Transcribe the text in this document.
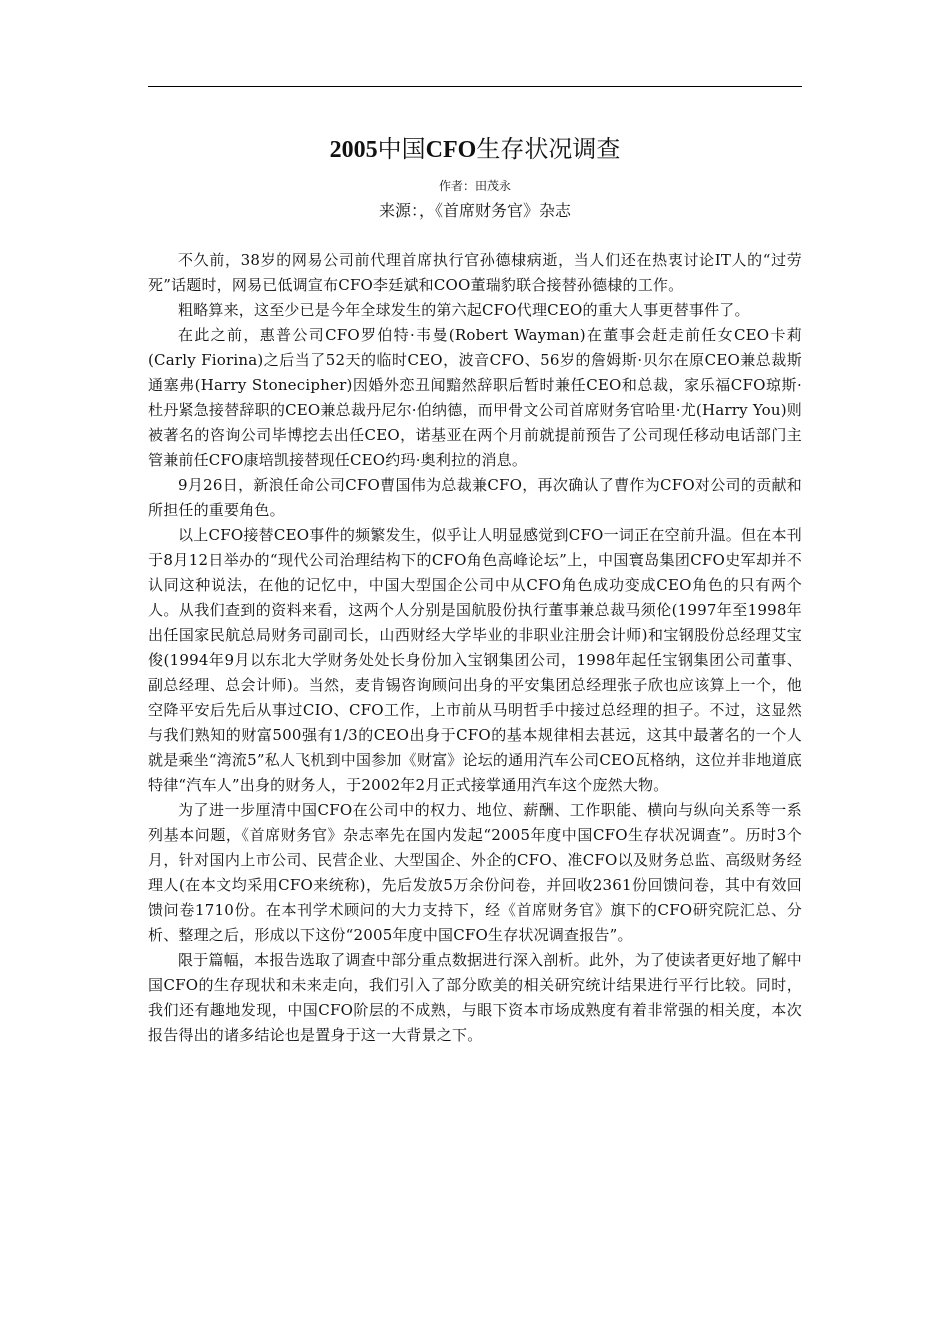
2005中国CFO生存状况调查
作者：田茂永
来源：，《首席财务官》杂志

不久前，38岁的网易公司前代理首席执行官孙德棣病逝，当人们还在热衷讨论IT人的“过劳死”话题时，网易已低调宣布CFO李廷斌和COO董瑞豹联合接替孙德棣的工作。

粗略算来，这至少已是今年全球发生的第六起CFO代理CEO的重大人事更替事件了。

在此之前，惠普公司CFO罗伯特·韦曼(Robert Wayman)在董事会赶走前任女CEO卡莉(Carly Fiorina)之后当了52天的临时CEO，波音CFO、56岁的詹姆斯·贝尔在原CEO兼总裁斯通塞弗(Harry Stonecipher)因婚外恋丑闻黯然辞职后暂时兼任CEO和总裁，家乐福CFO琼斯·杜丹紧急接替辞职的CEO兼总裁丹尼尔·伯纳德，而甲骨文公司首席财务官哈里·尤(Harry You)则被著名的咨询公司毕博挖去出任CEO，诺基亚在两个月前就提前预告了公司现任移动电话部门主管兼前任CFO康培凯接替现任CEO约玛·奥利拉的消息。

9月26日，新浪任命公司CFO曹国伟为总裁兼CFO，再次确认了曹作为CFO对公司的贡献和所担任的重要角色。

以上CFO接替CEO事件的频繁发生，似乎让人明显感觉到CFO一词正在空前升温。但在本刊于8月12日举办的“现代公司治理结构下的CFO角色高峰论坛”上，中国寰岛集团CFO史军却并不认同这种说法，在他的记忆中，中国大型国企公司中从CFO角色成功变成CEO角色的只有两个人。从我们查到的资料来看，这两个人分别是国航股份执行董事兼总裁马须伦(1997年至1998年出任国家民航总局财务司副司长，山西财经大学毕业的非职业注册会计师)和宝钢股份总经理艾宝俊(1994年9月以东北大学财务处处长身份加入宝钢集团公司，1998年起任宝钢集团公司董事、副总经理、总会计师)。当然，麦肯锡咨询顾问出身的平安集团总经理张子欣也应该算上一个，他空降平安后先后从事过CIO、CFO工作，上市前从马明哲手中接过总经理的担子。不过，这显然与我们熟知的财富500强有1/3的CEO出身于CFO的基本规律相去甚远，这其中最著名的一个人就是乘坐“湾流5”私人飞机到中国参加《财富》论坛的通用汽车公司CEO瓦格纳，这位并非地道底特律“汽车人”出身的财务人，于2002年2月正式接掌通用汽车这个庞然大物。

为了进一步厘清中国CFO在公司中的权力、地位、薪酬、工作职能、横向与纵向关系等一系列基本问题，《首席财务官》杂志率先在国内发起“2005年度中国CFO生存状况调查”。历时3个月，针对国内上市公司、民营企业、大型国企、外企的CFO、准CFO以及财务总监、高级财务经理人(在本文均采用CFO来统称)，先后发放5万余份问卷，并回收2361份回馈问卷，其中有效回馈问卷1710份。在本刊学术顾问的大力支持下，经《首席财务官》旗下的CFO研究院汇总、分析、整理之后，形成以下这份“2005年度中国CFO生存状况调查报告”。

限于篇幅，本报告选取了调查中部分重点数据进行深入剖析。此外，为了使读者更好地了解中国CFO的生存现状和未来走向，我们引入了部分欧美的相关研究统计结果进行平行比较。同时，我们还有趣地发现，中国CFO阶层的不成熟，与眼下资本市场成熟度有着非常强的相关度，本次报告得出的诸多结论也是置身于这一大背景之下。
